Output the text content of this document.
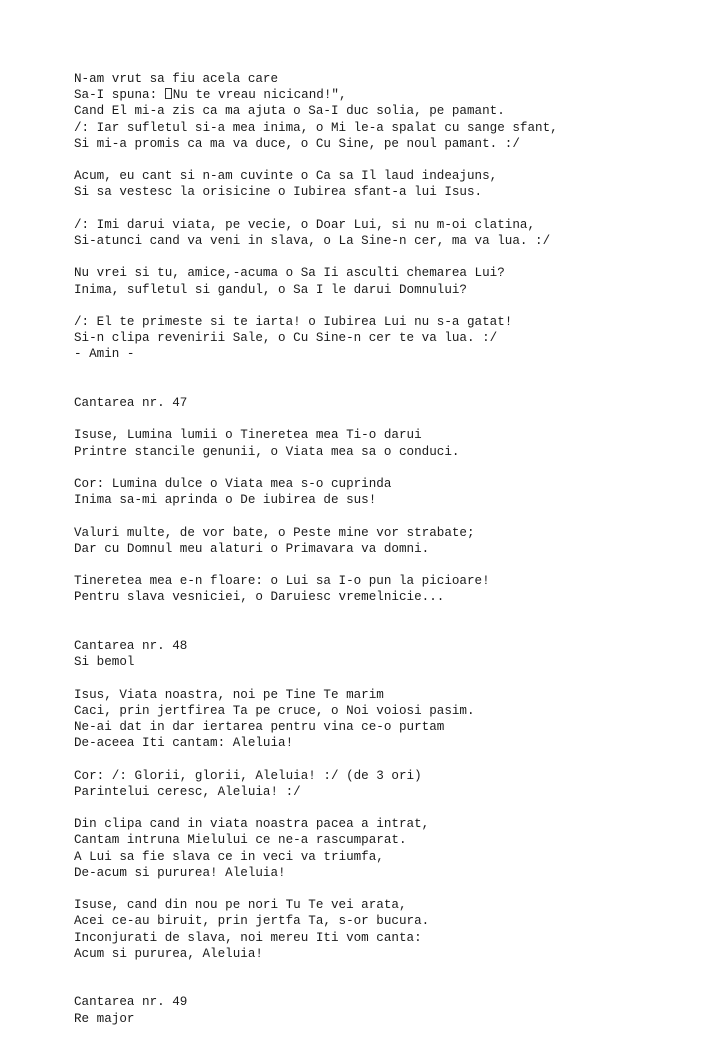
N-am vrut sa fiu acela care
Sa-I spuna: Nu te vreau nicicand!",
Cand El mi-a zis ca ma ajuta o Sa-I duc solia, pe pamant.
/: Iar sufletul si-a mea inima, o Mi le-a spalat cu sange sfant,
Si mi-a promis ca ma va duce, o Cu Sine, pe noul pamant. :/
Acum, eu cant si n-am cuvinte o Ca sa Il laud indeajuns,
Si sa vestesc la orisicine o Iubirea sfant-a lui Isus.
/: Imi darui viata, pe vecie, o Doar Lui, si nu m-oi clatina,
Si-atunci cand va veni in slava, o La Sine-n cer, ma va lua. :/
Nu vrei si tu, amice,-acuma o Sa Ii asculti chemarea Lui?
Inima, sufletul si gandul, o Sa I le darui Domnului?
/: El te primeste si te iarta! o Iubirea Lui nu s-a gatat!
Si-n clipa revenirii Sale, o Cu Sine-n cer te va lua. :/
- Amin -
Cantarea nr. 47
Isuse, Lumina lumii o Tineretea mea Ti-o darui
Printre stancile genunii, o Viata mea sa o conduci.
Cor: Lumina dulce o Viata mea s-o cuprinda
Inima sa-mi aprinda o De iubirea de sus!
Valuri multe, de vor bate, o Peste mine vor strabate;
Dar cu Domnul meu alaturi o Primavara va domni.
Tineretea mea e-n floare: o Lui sa I-o pun la picioare!
Pentru slava vesniciei, o Daruiesc vremelnicie...
Cantarea nr. 48
Si bemol
Isus, Viata noastra, noi pe Tine Te marim
Caci, prin jertfirea Ta pe cruce, o Noi voiosi pasim.
Ne-ai dat in dar iertarea pentru vina ce-o purtam
De-aceea Iti cantam: Aleluia!
Cor: /: Glorii, glorii, Aleluia! :/ (de 3 ori)
Parintelui ceresc, Aleluia! :/
Din clipa cand in viata noastra pacea a intrat,
Cantam intruna Mielului ce ne-a rascumparat.
A Lui sa fie slava ce in veci va triumfa,
De-acum si pururea! Aleluia!
Isuse, cand din nou pe nori Tu Te vei arata,
Acei ce-au biruit, prin jertfa Ta, s-or bucura.
Inconjurati de slava, noi mereu Iti vom canta:
Acum si pururea, Aleluia!
Cantarea nr. 49
Re major
